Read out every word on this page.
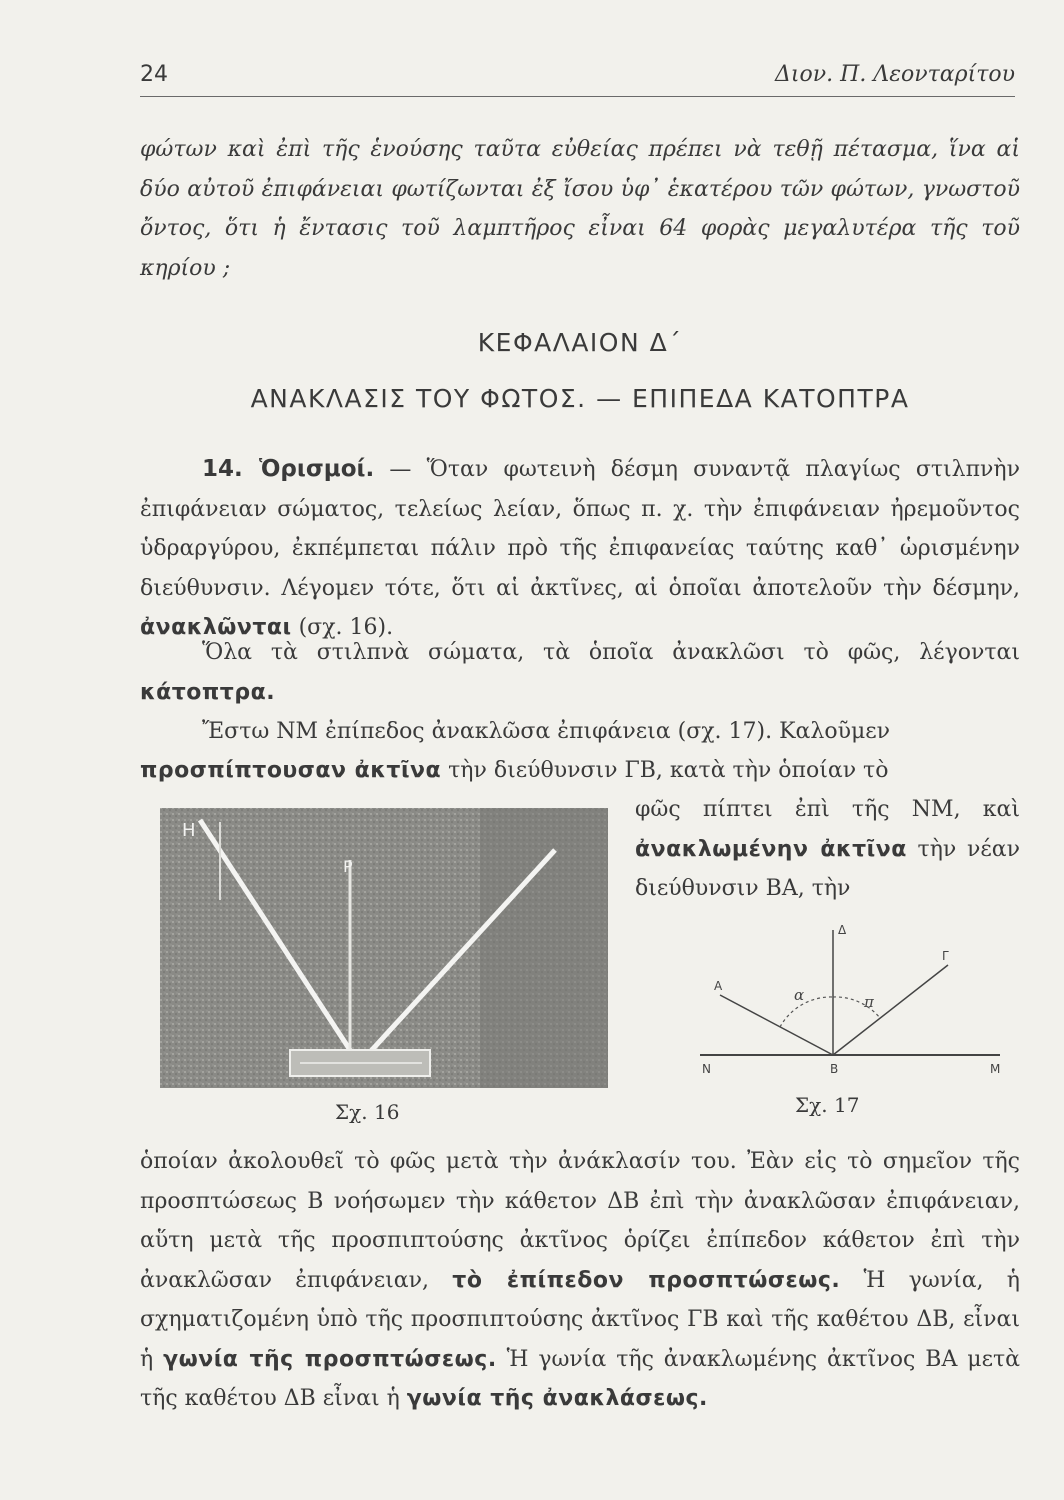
24	Διον. Π. Λεονταρίτου
φώτων καὶ ἐπὶ τῆς ἑνούσης ταῦτα εὐθείας πρέπει νὰ τεθῇ πέτασμα, ἵνα αἱ δύο αὐτοῦ ἐπιφάνειαι φωτίζωνται ἐξ ἴσου ὑφ᾽ ἑκατέρου τῶν φώτων, γνωστοῦ ὄντος, ὅτι ἡ ἔντασις τοῦ λαμπτῆρος εἶναι 64 φορὰς μεγαλυτέρα τῆς τοῦ κηρίου ;
ΚΕΦΑΛΑΙΟΝ Δ΄
ΑΝΑΚΛΑΣΙΣ ΤΟΥ ΦΩΤΟΣ. — ΕΠΙΠΕΔΑ ΚΑΤΟΠΤΡΑ
14. Ὁρισμοί. — Ὅταν φωτεινὴ δέσμη συναντᾷ πλαγίως στιλπνὴν ἐπιφάνειαν σώματος, τελείως λείαν, ὅπως π. χ. τὴν ἐπιφάνειαν ἠρεμοῦντος ὑδραργύρου, ἐκπέμπεται πάλιν πρὸ τῆς ἐπιφανείας ταύτης καθ᾽ ὡρισμένην διεύθυνσιν. Λέγομεν τότε, ὅτι αἱ ἀκτῖνες, αἱ ὁποῖαι ἀποτελοῦν τὴν δέσμην, ἀνακλῶνται (σχ. 16).
Ὅλα τὰ στιλπνὰ σώματα, τὰ ὁποῖα ἀνακλῶσι τὸ φῶς, λέγονται κάτοπτρα.
Ἔστω ΝΜ ἐπίπεδος ἀνακλῶσα ἐπιφάνεια (σχ. 17). Καλοῦμεν
προσπίπτουσαν ἀκτῖνα τὴν διεύθυνσιν ΓΒ, κατὰ τὴν ὁποίαν τὸ
φῶς πίπτει ἐπὶ τῆς ΝΜ, καὶ ἀνακλωμένην ἀκτῖνα τὴν νέαν διεύθυνσιν ΒΑ, τὴν
Η
Ρ
Σχ. 16
Δ
Α
Γ
Β
Ν	Μ
α	π
Σχ. 17
ὁποίαν ἀκολουθεῖ τὸ φῶς μετὰ τὴν ἀνάκλασίν του. Ἐὰν εἰς τὸ σημεῖον τῆς προσπτώσεως Β νοήσωμεν τὴν κάθετον ΔΒ ἐπὶ τὴν ἀνακλῶσαν ἐπιφάνειαν, αὕτη μετὰ τῆς προσπιπτούσης ἀκτῖνος ὁρίζει ἐπίπεδον κάθετον ἐπὶ τὴν ἀνακλῶσαν ἐπιφάνειαν, τὸ ἐπίπεδον προσπτώσεως. Ἡ γωνία, ἡ σχηματιζομένη ὑπὸ τῆς προσπιπτούσης ἀκτῖνος ΓΒ καὶ τῆς καθέτου ΔΒ, εἶναι ἡ γωνία τῆς προσπτώσεως. Ἡ γωνία τῆς ἀνακλωμένης ἀκτῖνος ΒΑ μετὰ τῆς καθέτου ΔΒ εἶναι ἡ γωνία τῆς ἀνακλάσεως.
